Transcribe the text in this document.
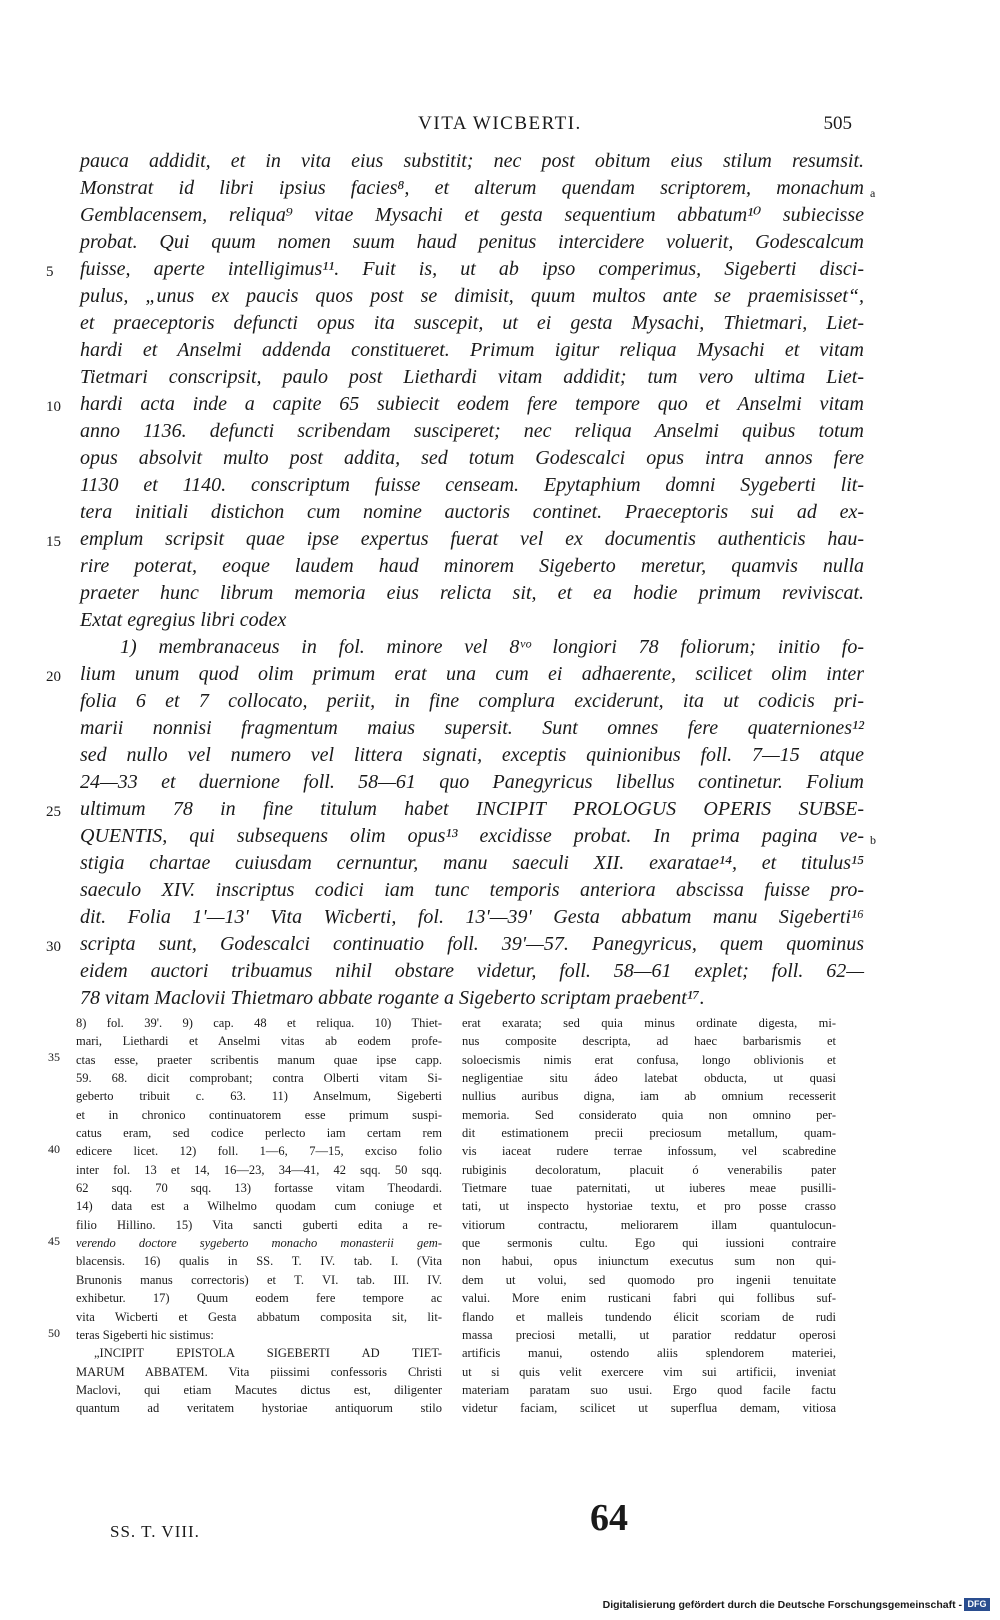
VITA WICBERTI.	505
pauca addidit, et in vita eius substitit; nec post obitum eius stilum resumsit.
Monstrat id libri ipsius facies⁸, et alterum quendam scriptorem, monachum
Gemblacensem, reliqua⁹ vitae Mysachi et gesta sequentium abbatum¹⁰ subiecisse
probat. Qui quum nomen suum haud penitus intercidere voluerit, Godescalcum
fuisse, aperte intelligimus¹¹. Fuit is, ut ab ipso comperimus, Sigeberti disci-
pulus, „unus ex paucis quos post se dimisit, quum multos ante se praemisisset“,
et praeceptoris defuncti opus ita suscepit, ut ei gesta Mysachi, Thietmari, Liet-
hardi et Anselmi addenda constitueret. Primum igitur reliqua Mysachi et vitam
Tietmari conscripsit, paulo post Liethardi vitam addidit; tum vero ultima Liet-
hardi acta inde a capite 65 subiecit eodem fere tempore quo et Anselmi vitam
anno 1136. defuncti scribendam susciperet; nec reliqua Anselmi quibus totum
opus absolvit multo post addita, sed totum Godescalci opus intra annos fere
1130 et 1140. conscriptum fuisse censeam. Epytaphium domni Sygeberti lit-
tera initiali distichon cum nomine auctoris continet. Praeceptoris sui ad ex-
emplum scripsit quae ipse expertus fuerat vel ex documentis authenticis hau-
rire poterat, eoque laudem haud minorem Sigeberto meretur, quamvis nulla
praeter hunc librum memoria eius relicta sit, et ea hodie primum reviviscat.
Extat egregius libri codex
1) membranaceus in fol. minore vel 8ᵛᵒ longiori 78 foliorum; initio fo-
lium unum quod olim primum erat una cum ei adhaerente, scilicet olim inter
folia 6 et 7 collocato, periit, in fine complura exciderunt, ita ut codicis pri-
marii nonnisi fragmentum maius supersit. Sunt omnes fere quaterniones¹²
sed nullo vel numero vel littera signati, exceptis quinionibus foll. 7—15 atque
24—33 et duernione foll. 58—61 quo Panegyricus libellus continetur. Folium
ultimum 78 in fine titulum habet INCIPIT PROLOGUS OPERIS SUBSE-
QUENTIS, qui subsequens olim opus¹³ excidisse probat. In prima pagina ve-
stigia chartae cuiusdam cernuntur, manu saeculi XII. exaratae¹⁴, et titulus¹⁵
saeculo XIV. inscriptus codici iam tunc temporis anteriora abscissa fuisse pro-
dit. Folia 1'—13' Vita Wicberti, fol. 13'—39' Gesta abbatum manu Sigeberti¹⁶
scripta sunt, Godescalci continuatio foll. 39'—57. Panegyricus, quem quominus
eidem auctori tribuamus nihil obstare videtur, foll. 58—61 explet; foll. 62—
78 vitam Maclovii Thietmaro abbate rogante a Sigeberto scriptam praebent¹⁷.
5
10
15
20
25
30
a
b
35
40
45
50
8) fol. 39'. 9) cap. 48 et reliqua. 10) Thiet-
mari, Liethardi et Anselmi vitas ab eodem profe-
ctas esse, praeter scribentis manum quae ipse capp.
59. 68. dicit comprobant; contra Olberti vitam Si-
geberto tribuit c. 63. 11) Anselmum, Sigeberti
et in chronico continuatorem esse primum suspi-
catus eram, sed codice perlecto iam certam rem
edicere licet. 12) foll. 1—6, 7—15, exciso folio
inter fol. 13 et 14, 16—23, 34—41, 42 sqq. 50 sqq.
62 sqq. 70 sqq. 13) fortasse vitam Theodardi.
14) data est a Wilhelmo quodam cum coniuge et
filio Hillino. 15) Vita sancti guberti edita a re-
verendo doctore sygeberto monacho monasterii gem-
blacensis. 16) qualis in SS. T. IV. tab. I. (Vita
Brunonis manus correctoris) et T. VI. tab. III. IV.
exhibetur. 17) Quum eodem fere tempore ac
vita Wicberti et Gesta abbatum composita sit, lit-
teras Sigeberti hic sistimus:
„INCIPIT EPISTOLA SIGEBERTI AD TIET-
MARUM ABBATEM. Vita piissimi confessoris Christi
Maclovi, qui etiam Macutes dictus est, diligenter
quantum ad veritatem hystoriae antiquorum stilo
erat exarata; sed quia minus ordinate digesta, mi-
nus composite descripta, ad haec barbarismis et
soloecismis nimis erat confusa, longo oblivionis et
negligentiae situ ádeo latebat obducta, ut quasi
nullius auribus digna, iam ab omnium recesserit
memoria. Sed considerato quia non omnino per-
dit estimationem precii preciosum metallum, quam-
vis iaceat rudere terrae infossum, vel scabredine
rubiginis decoloratum, placuit ó venerabilis pater
Tietmare tuae paternitati, ut iuberes meae pusilli-
tati, ut inspecto hystoriae textu, et pro posse crasso
vitiorum contractu, meliorarem illam quantulocun-
que sermonis cultu. Ego qui iussioni contraire
non habui, opus iniunctum executus sum non qui-
dem ut volui, sed quomodo pro ingenii tenuitate
valui. More enim rusticani fabri qui follibus suf-
flando et malleis tundendo élicit scoriam de rudi
massa preciosi metalli, ut paratior reddatur operosi
artificis manui, ostendo aliis splendorem materiei,
ut si quis velit exercere vim sui artificii, inveniat
materiam paratam suo usui. Ergo quod facile factu
videtur faciam, scilicet ut superflua demam, vitiosa
SS. T. VIII.	64
Digitalisierung gefördert durch die Deutsche Forschungsgemeinschaft - DFG
